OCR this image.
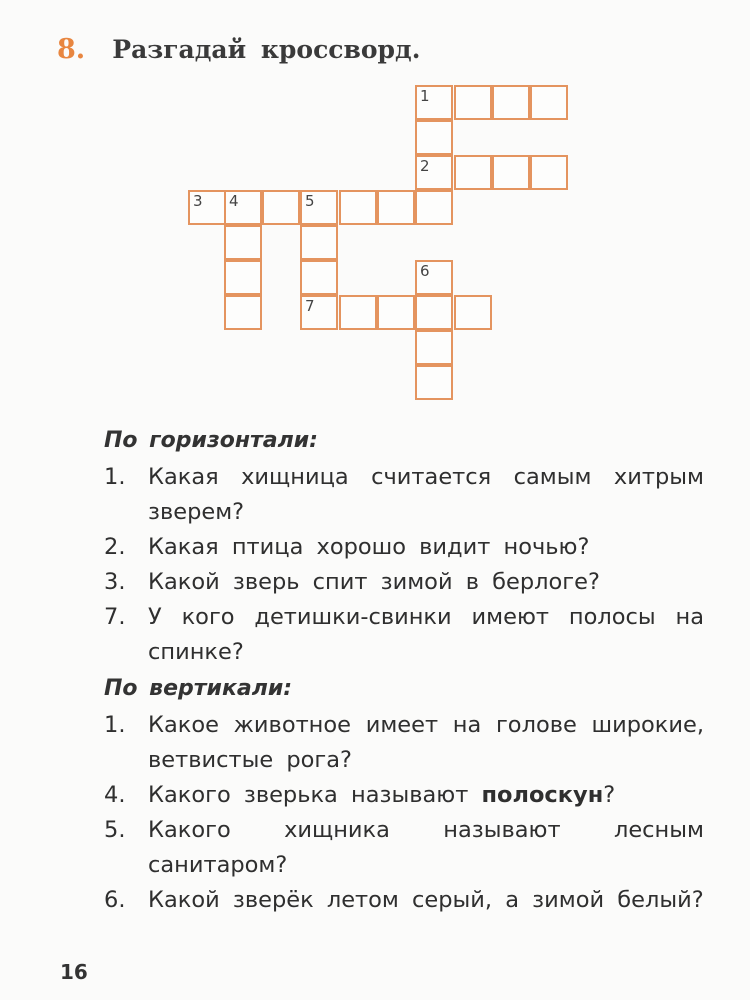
8. Разгадай кроссворд.
1
2
3 4	5
7
6
По горизонтали:
1. Какая хищница считается самым хитрым зверем?
2. Какая птица хорошо видит ночью?
3. Какой зверь спит зимой в берлоге?
7. У кого детишки-свинки имеют полосы на спинке?
По вертикали:
1. Какое животное имеет на голове широкие, ветвистые рога?
4. Какого зверька называют полоскун?
5. Какого хищника называют лесным санитаром?
6. Какой зверёк летом серый, а зимой белый?
16
